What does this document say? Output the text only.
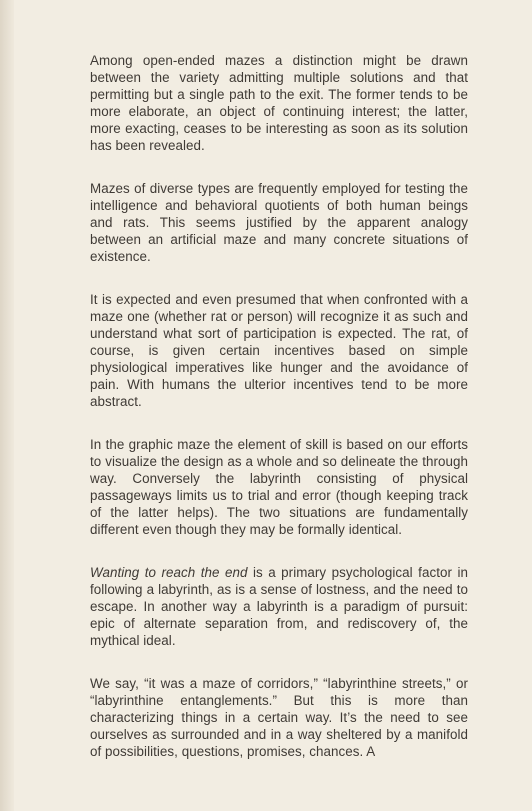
Among open-ended mazes a distinction might be drawn between the variety admitting multiple solutions and that permitting but a single path to the exit. The former tends to be more elaborate, an object of continuing interest; the latter, more exacting, ceases to be interesting as soon as its solution has been revealed.

Mazes of diverse types are frequently employed for testing the intelligence and behavioral quotients of both human beings and rats. This seems justified by the apparent analogy between an artificial maze and many concrete situations of existence.

It is expected and even presumed that when confronted with a maze one (whether rat or person) will recognize it as such and understand what sort of participation is expected. The rat, of course, is given certain incentives based on simple physiological imperatives like hunger and the avoidance of pain. With humans the ulterior incentives tend to be more abstract.

In the graphic maze the element of skill is based on our efforts to visualize the design as a whole and so delineate the through way. Conversely the labyrinth consisting of physical passageways limits us to trial and error (though keeping track of the latter helps). The two situations are fundamentally different even though they may be formally identical.

Wanting to reach the end is a primary psychological factor in following a labyrinth, as is a sense of lostness, and the need to escape. In another way a labyrinth is a paradigm of pursuit: epic of alternate separation from, and rediscovery of, the mythical ideal.

We say, “it was a maze of corridors,” “labyrinthine streets,” or “labyrinthine entanglements.” But this is more than characterizing things in a certain way. It’s the need to see ourselves as surrounded and in a way sheltered by a manifold of possibilities, questions, promises, chances. A
